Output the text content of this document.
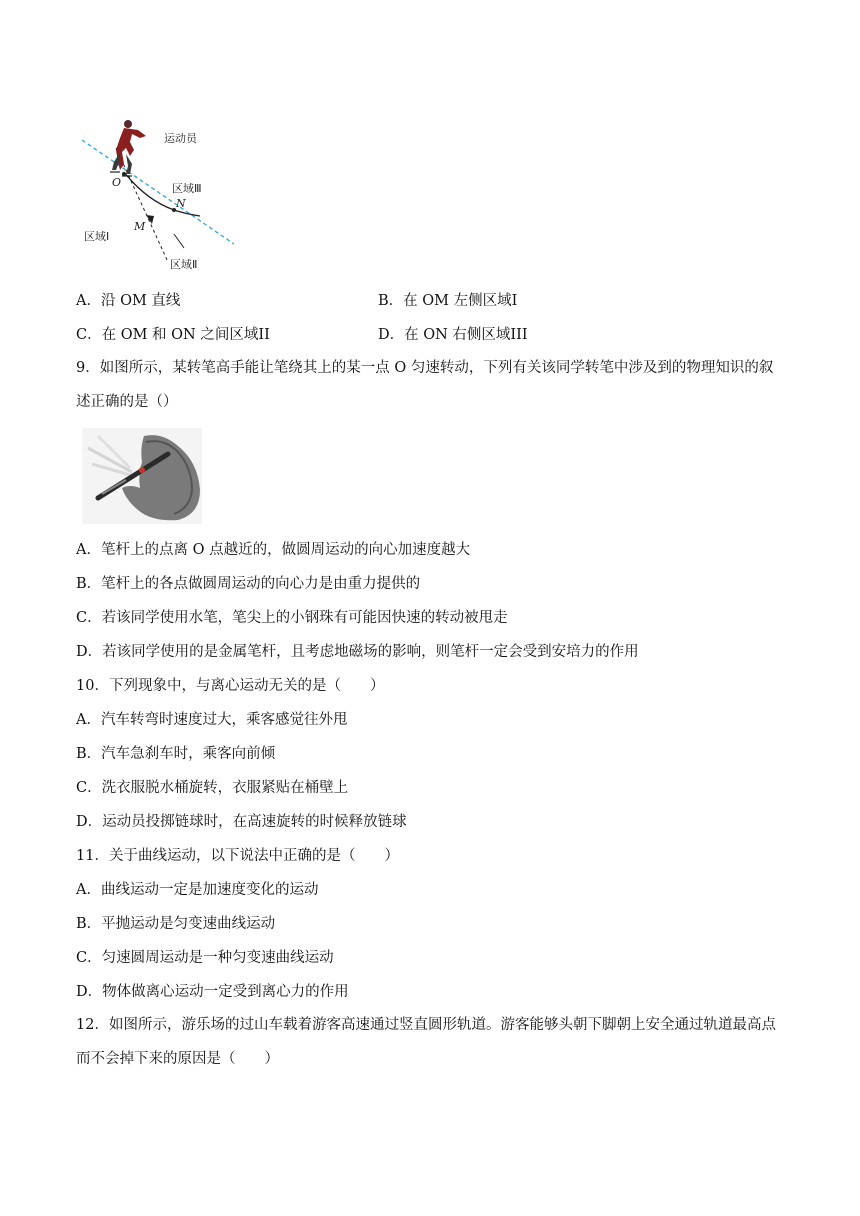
运动员
O	区域Ⅲ
N
M
区域Ⅰ
区域Ⅱ
A．沿 OM 直线	B．在 OM 左侧区域I
C．在 OM 和 ON 之间区域II	D．在 ON 右侧区域III
9．如图所示，某转笔高手能让笔绕其上的某一点 O 匀速转动，下列有关该同学转笔中涉及到的物理知识的叙述正确的是（）
A．笔杆上的点离 O 点越近的，做圆周运动的向心加速度越大
B．笔杆上的各点做圆周运动的向心力是由重力提供的
C．若该同学使用水笔，笔尖上的小钢珠有可能因快速的转动被甩走
D．若该同学使用的是金属笔杆，且考虑地磁场的影响，则笔杆一定会受到安培力的作用
10．下列现象中，与离心运动无关的是（　　）
A．汽车转弯时速度过大，乘客感觉往外甩
B．汽车急刹车时，乘客向前倾
C．洗衣服脱水桶旋转，衣服紧贴在桶壁上
D．运动员投掷链球时，在高速旋转的时候释放链球
11．关于曲线运动，以下说法中正确的是（　　）
A．曲线运动一定是加速度变化的运动
B．平抛运动是匀变速曲线运动
C．匀速圆周运动是一种匀变速曲线运动
D．物体做离心运动一定受到离心力的作用
12．如图所示，游乐场的过山车载着游客高速通过竖直圆形轨道。游客能够头朝下脚朝上安全通过轨道最高点而不会掉下来的原因是（　　）
